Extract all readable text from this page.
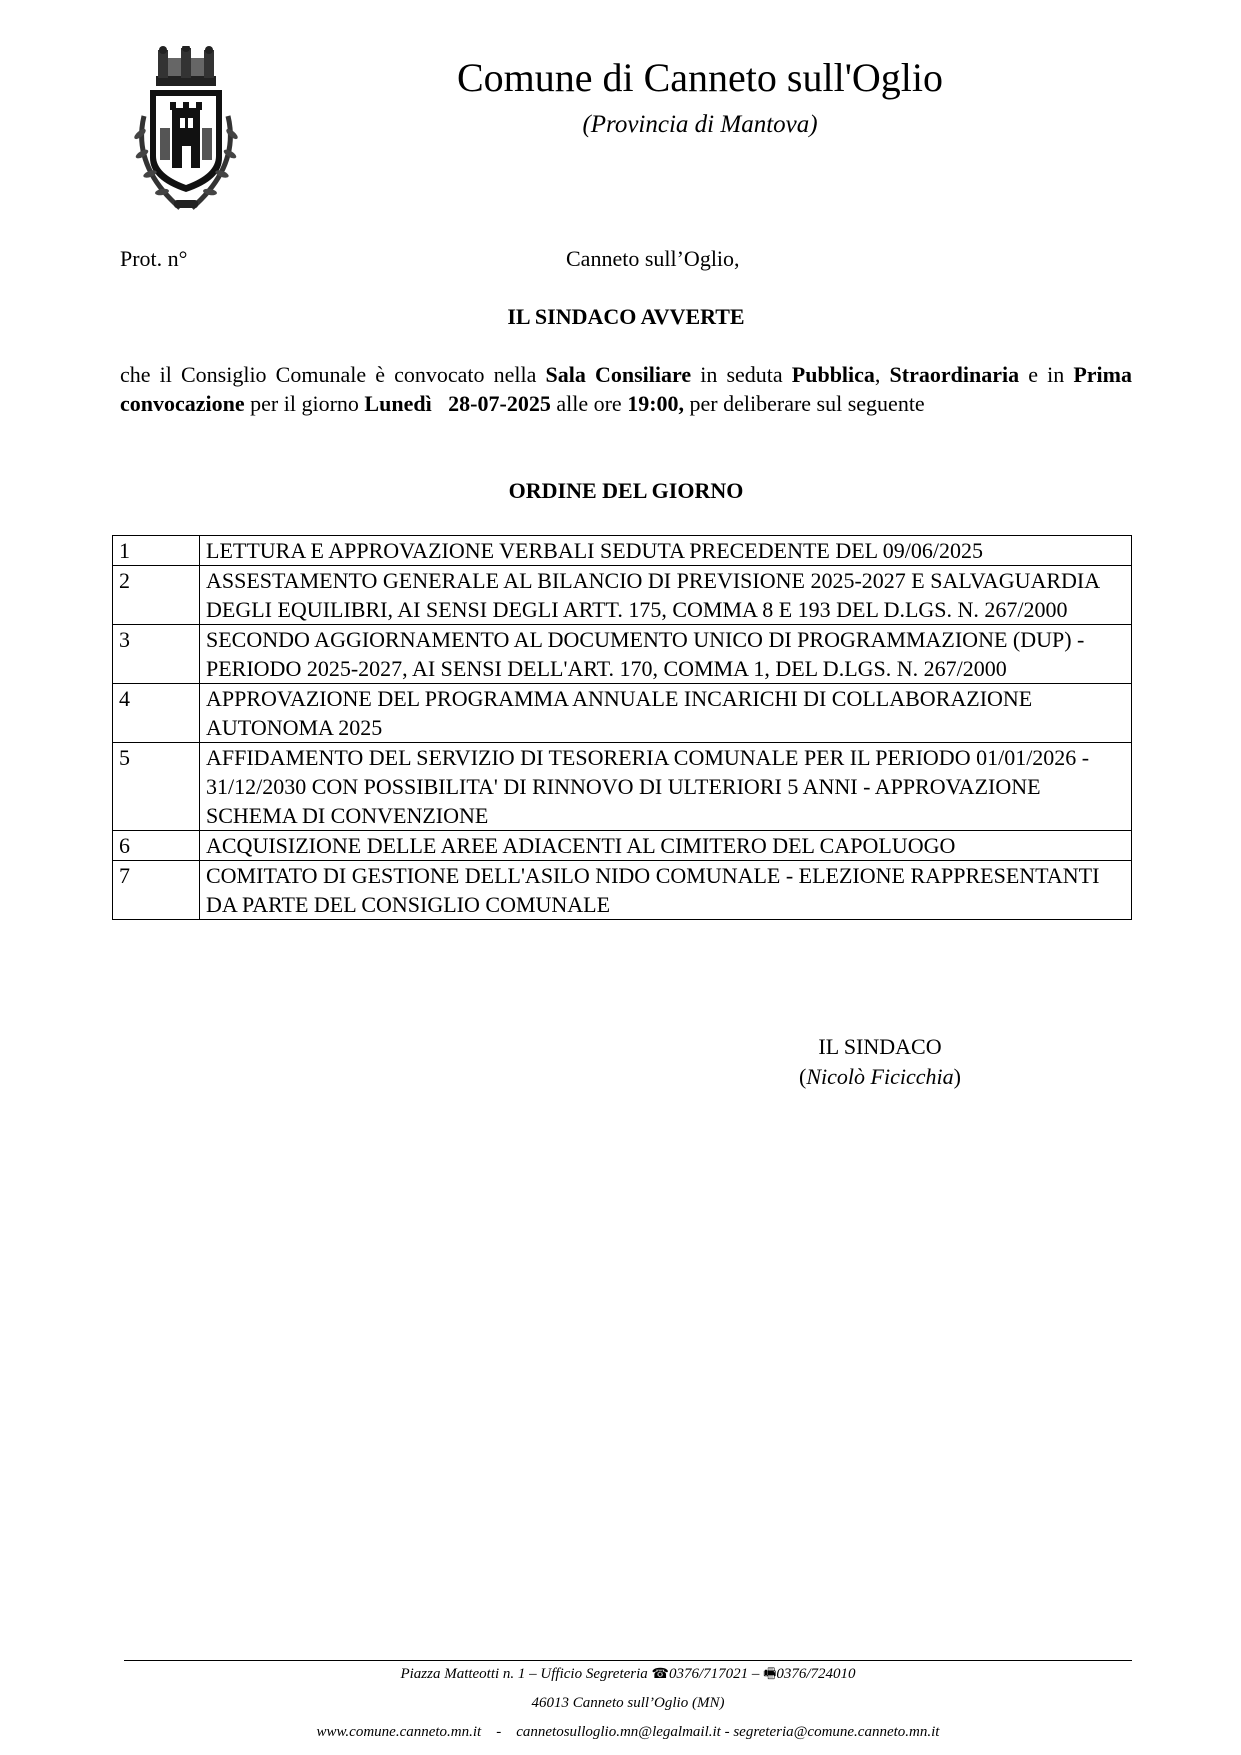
Comune di Canneto sull'Oglio
(Provincia di Mantova)
Prot. n°	Canneto sull’Oglio,
IL SINDACO AVVERTE
che il Consiglio Comunale è convocato nella Sala Consiliare in seduta Pubblica, Straordinaria e in Prima convocazione per il giorno Lunedì   28-07-2025 alle ore 19:00, per deliberare sul seguente
ORDINE DEL GIORNO
1	LETTURA E APPROVAZIONE VERBALI SEDUTA PRECEDENTE DEL 09/06/2025
2	ASSESTAMENTO GENERALE AL BILANCIO DI PREVISIONE 2025-2027 E SALVAGUARDIA DEGLI EQUILIBRI, AI SENSI DEGLI ARTT. 175, COMMA 8 E 193 DEL D.LGS. N. 267/2000
3	SECONDO AGGIORNAMENTO AL DOCUMENTO UNICO DI PROGRAMMAZIONE (DUP) - PERIODO 2025-2027, AI SENSI DELL'ART. 170, COMMA 1, DEL D.LGS. N. 267/2000
4	APPROVAZIONE DEL PROGRAMMA ANNUALE INCARICHI DI COLLABORAZIONE AUTONOMA 2025
5	AFFIDAMENTO DEL SERVIZIO DI TESORERIA COMUNALE PER IL PERIODO 01/01/2026 - 31/12/2030 CON POSSIBILITA' DI RINNOVO DI ULTERIORI 5 ANNI - APPROVAZIONE SCHEMA DI CONVENZIONE
6	ACQUISIZIONE DELLE AREE ADIACENTI AL CIMITERO DEL CAPOLUOGO
7	COMITATO DI GESTIONE DELL'ASILO NIDO COMUNALE - ELEZIONE RAPPRESENTANTI DA PARTE DEL CONSIGLIO COMUNALE
IL SINDACO
(Nicolò Ficicchia)
Piazza Matteotti n. 1 – Ufficio Segreteria ☎0376/717021 – 🖷0376/724010
46013 Canneto sull’Oglio (MN)
www.comune.canneto.mn.it - cannetosulloglio.mn@legalmail.it - segreteria@comune.canneto.mn.it
